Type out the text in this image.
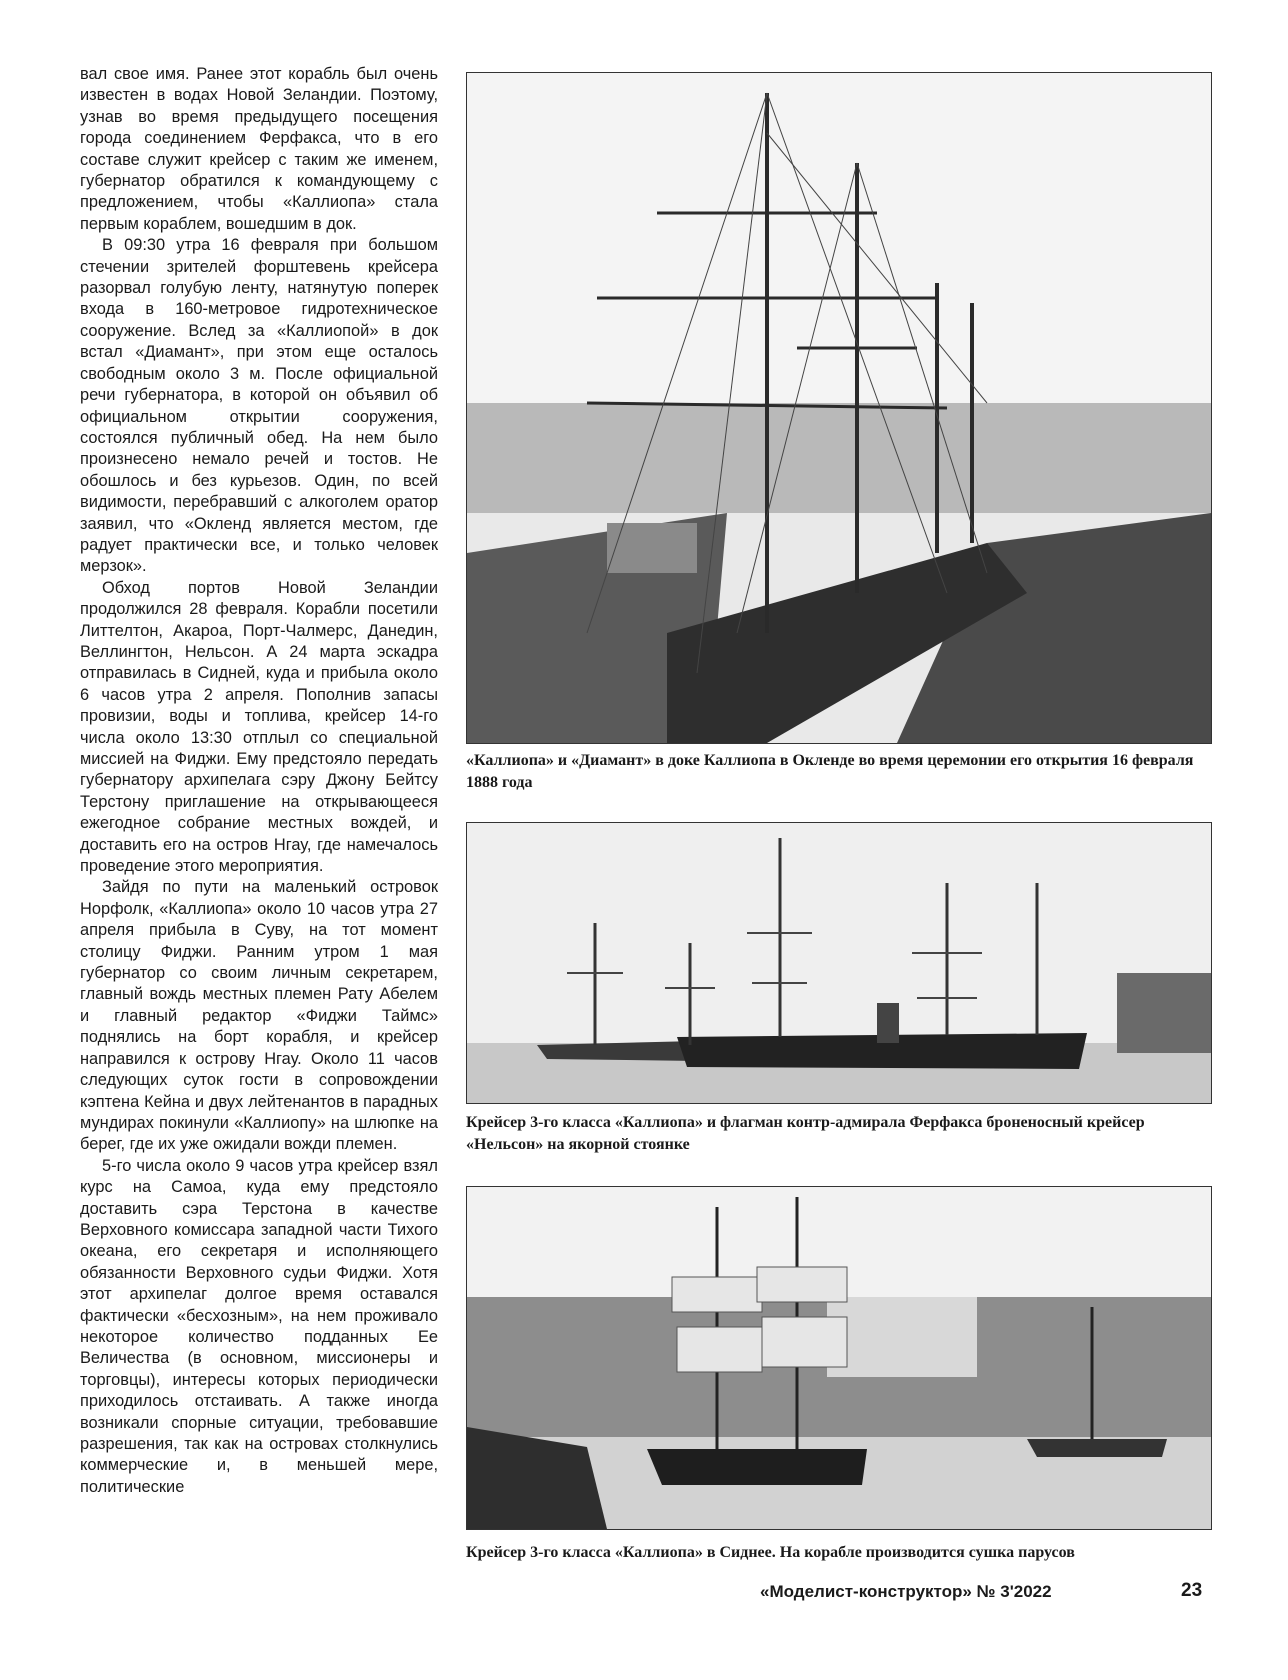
вал свое имя. Ранее этот корабль был очень известен в водах Новой Зеландии. Поэтому, узнав во время предыдущего посещения города соединением Ферфакса, что в его составе служит крейсер с таким же именем, губернатор обратился к командующему с предложением, чтобы «Каллиопа» стала первым кораблем, вошедшим в док.

В 09:30 утра 16 февраля при большом стечении зрителей форштевень крейсера разорвал голубую ленту, натянутую поперек входа в 160-метровое гидротехническое сооружение. Вслед за «Каллиопой» в док встал «Диамант», при этом еще осталось свободным около 3 м. После официальной речи губернатора, в которой он объявил об официальном открытии сооружения, состоялся публичный обед. На нем было произнесено немало речей и тостов. Не обошлось и без курьезов. Один, по всей видимости, перебравший с алкоголем оратор заявил, что «Окленд является местом, где радует практически все, и только человек мерзок».

Обход портов Новой Зеландии продолжился 28 февраля. Корабли посетили Литтелтон, Акароа, Порт-Чалмерс, Данедин, Веллингтон, Нельсон. А 24 марта эскадра отправилась в Сидней, куда и прибыла около 6 часов утра 2 апреля. Пополнив запасы провизии, воды и топлива, крейсер 14-го числа около 13:30 отплыл со специальной миссией на Фиджи. Ему предстояло передать губернатору архипелага сэру Джону Бейтсу Терстону приглашение на открывающееся ежегодное собрание местных вождей, и доставить его на остров Нгау, где намечалось проведение этого мероприятия.

Зайдя по пути на маленький островок Норфолк, «Каллиопа» около 10 часов утра 27 апреля прибыла в Суву, на тот момент столицу Фиджи. Ранним утром 1 мая губернатор со своим личным секретарем, главный вождь местных племен Рату Абелем и главный редактор «Фиджи Таймс» поднялись на борт корабля, и крейсер направился к острову Нгау. Около 11 часов следующих суток гости в сопровождении кэптена Кейна и двух лейтенантов в парадных мундирах покинули «Каллиопу» на шлюпке на берег, где их уже ожидали вожди племен.

5-го числа около 9 часов утра крейсер взял курс на Самоа, куда ему предстояло доставить сэра Терстона в качестве Верховного комиссара западной части Тихого океана, его секретаря и исполняющего обязанности Верховного судьи Фиджи. Хотя этот архипелаг долгое время оставался фактически «бесхозным», на нем проживало некоторое количество подданных Ее Величества (в основном, миссионеры и торговцы), интересы которых периодически приходилось отстаивать. А также иногда возникали спорные ситуации, требовавшие разрешения, так как на островах столкнулись коммерческие и, в меньшей мере, политические

«Каллиопа» и «Диамант» в доке Каллиопа в Окленде во время церемонии его открытия 16 февраля 1888 года
Крейсер 3-го класса «Каллиопа» и флагман контр-адмирала Ферфакса броненосный крейсер «Нельсон» на якорной стоянке
Крейсер 3-го класса «Каллиопа» в Сиднее. На корабле производится сушка парусов
«Моделист-конструктор» № 3'2022	23
